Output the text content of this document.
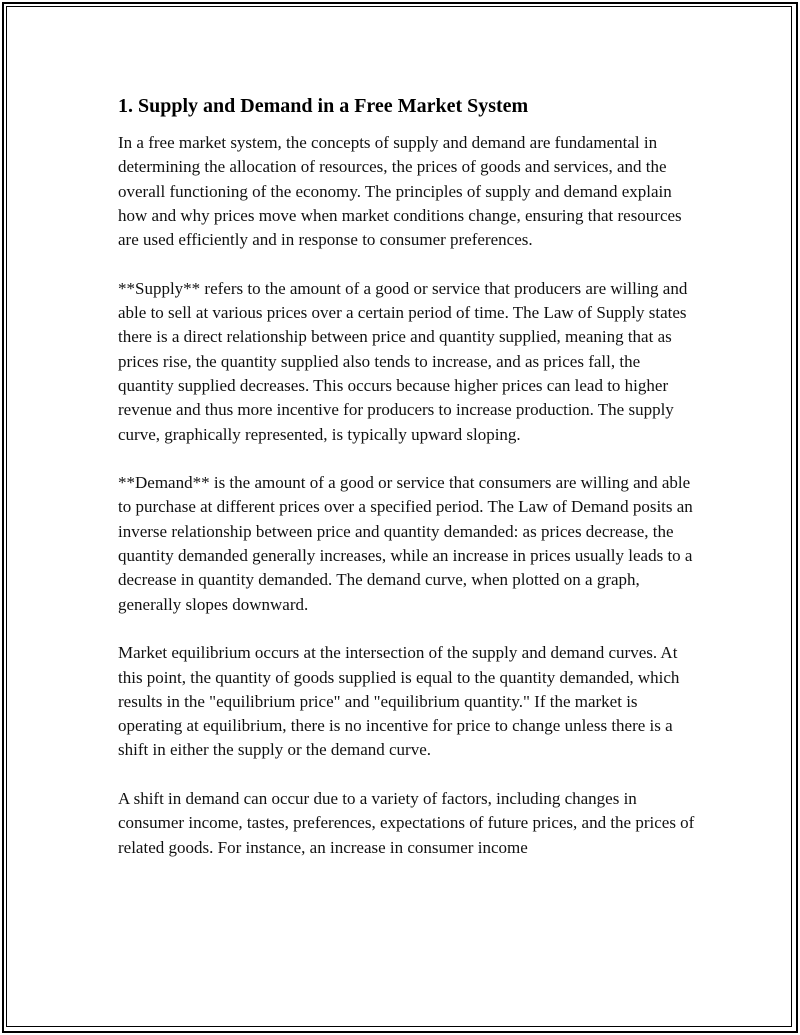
1. Supply and Demand in a Free Market System

In a free market system, the concepts of supply and demand are fundamental in determining the allocation of resources, the prices of goods and services, and the overall functioning of the economy. The principles of supply and demand explain how and why prices move when market conditions change, ensuring that resources are used efficiently and in response to consumer preferences.

**Supply** refers to the amount of a good or service that producers are willing and able to sell at various prices over a certain period of time. The Law of Supply states there is a direct relationship between price and quantity supplied, meaning that as prices rise, the quantity supplied also tends to increase, and as prices fall, the quantity supplied decreases. This occurs because higher prices can lead to higher revenue and thus more incentive for producers to increase production. The supply curve, graphically represented, is typically upward sloping.

**Demand** is the amount of a good or service that consumers are willing and able to purchase at different prices over a specified period. The Law of Demand posits an inverse relationship between price and quantity demanded: as prices decrease, the quantity demanded generally increases, while an increase in prices usually leads to a decrease in quantity demanded. The demand curve, when plotted on a graph, generally slopes downward.

Market equilibrium occurs at the intersection of the supply and demand curves. At this point, the quantity of goods supplied is equal to the quantity demanded, which results in the "equilibrium price" and "equilibrium quantity." If the market is operating at equilibrium, there is no incentive for price to change unless there is a shift in either the supply or the demand curve.

A shift in demand can occur due to a variety of factors, including changes in consumer income, tastes, preferences, expectations of future prices, and the prices of related goods. For instance, an increase in consumer income
